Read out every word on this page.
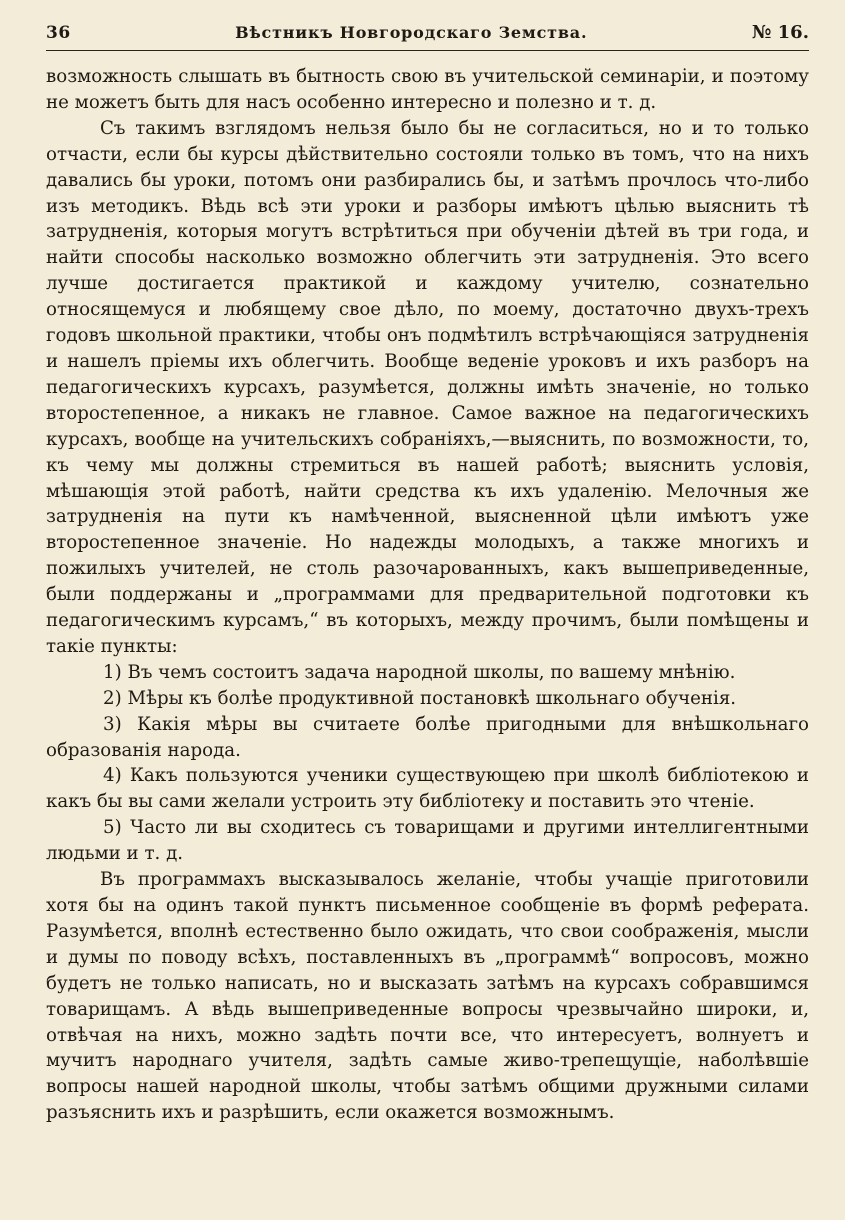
36	Вѣстникъ Новгородскаго Земства.	№ 16.

возможность слышать въ бытность свою въ учительской семинаріи, и поэтому не можетъ быть для насъ особенно интересно и полезно и т. д.

Съ такимъ взглядомъ нельзя было бы не согласиться, но и то только отчасти, если бы курсы дѣйствительно состояли только въ томъ, что на нихъ давались бы уроки, потомъ они разбирались бы, и затѣмъ прочлось что-либо изъ методикъ. Вѣдь всѣ эти уроки и разборы имѣютъ цѣлью выяснить тѣ затрудненія, которыя могутъ встрѣтиться при обученіи дѣтей въ три года, и найти способы насколько возможно облегчить эти затрудненія. Это всего лучше достигается практикой и каждому учителю, сознательно относящемуся и любящему свое дѣло, по моему, достаточно двухъ-трехъ годовъ школьной практики, чтобы онъ подмѣтилъ встрѣчающіяся затрудненія и нашелъ пріемы ихъ облегчить. Вообще веденіе уроковъ и ихъ разборъ на педагогическихъ курсахъ, разумѣется, должны имѣть значеніе, но только второстепенное, а никакъ не главное. Самое важное на педагогическихъ курсахъ, вообще на учительскихъ собраніяхъ,—выяснить, по возможности, то, къ чему мы должны стремиться въ нашей работѣ; выяснить условія, мѣшающія этой работѣ, найти средства къ ихъ удаленію. Мелочныя же затрудненія на пути къ намѣченной, выясненной цѣли имѣютъ уже второстепенное значеніе. Но надежды молодыхъ, а также многихъ и пожилыхъ учителей, не столь разочарованныхъ, какъ вышеприведенные, были поддержаны и „программами для предварительной подготовки къ педагогическимъ курсамъ,“ въ которыхъ, между прочимъ, были помѣщены и такіе пункты:

1) Въ чемъ состоитъ задача народной школы, по вашему мнѣнію.

2) Мѣры къ болѣе продуктивной постановкѣ школьнаго обученія.

3) Какія мѣры вы считаете болѣе пригодными для внѣшкольнаго образованія народа.

4) Какъ пользуются ученики существующею при школѣ библіотекою и какъ бы вы сами желали устроить эту библіотеку и поставить это чтеніе.

5) Часто ли вы сходитесь съ товарищами и другими интеллигентными людьми и т. д.

Въ программахъ высказывалось желаніе, чтобы учащіе приготовили хотя бы на одинъ такой пунктъ письменное сообщеніе въ формѣ реферата. Разумѣется, вполнѣ естественно было ожидать, что свои соображенія, мысли и думы по поводу всѣхъ, поставленныхъ въ „программѣ“ вопросовъ, можно будетъ не только написать, но и высказать затѣмъ на курсахъ собравшимся товарищамъ. А вѣдь вышеприведенные вопросы чрезвычайно широки, и, отвѣчая на нихъ, можно задѣть почти все, что интересуетъ, волнуетъ и мучитъ народнаго учителя, задѣть самые живо-трепещущіе, наболѣвшіе вопросы нашей народной школы, чтобы затѣмъ общими дружными силами разъяснить ихъ и разрѣшить, если окажется возможнымъ.
